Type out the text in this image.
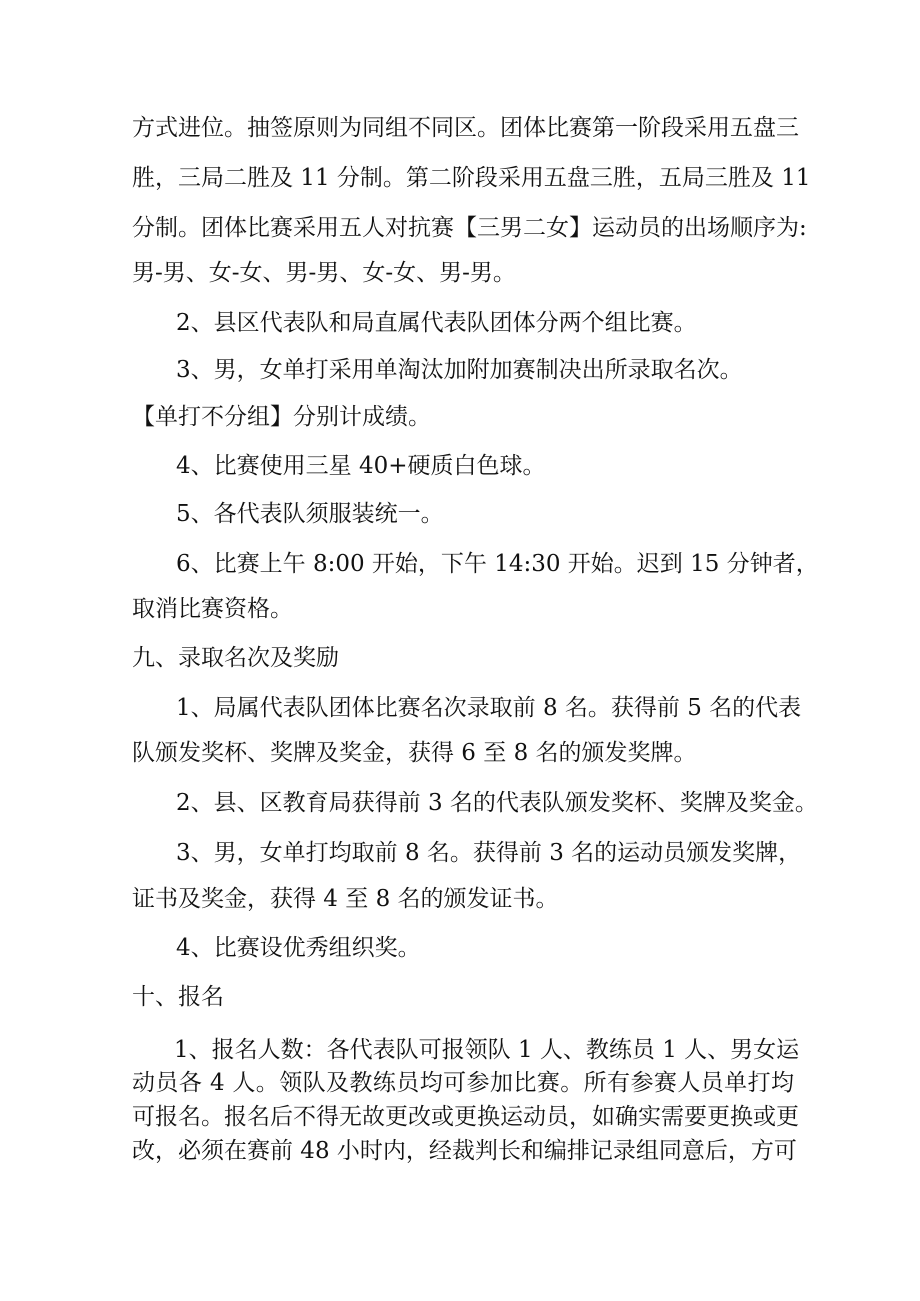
方式进位。抽签原则为同组不同区。团体比赛第一阶段采用五盘三
胜，三局二胜及 11 分制。第二阶段采用五盘三胜，五局三胜及 11
分制。团体比赛采用五人对抗赛【三男二女】运动员的出场顺序为:
男-男、女-女、男-男、女-女、男-男。
2、县区代表队和局直属代表队团体分两个组比赛。
3、男，女单打采用单淘汰加附加赛制决出所录取名次。
【单打不分组】分别计成绩。
4、比赛使用三星 40+硬质白色球。
5、各代表队须服装统一。
6、比赛上午 8:00 开始，下午 14:30 开始。迟到 15 分钟者，
取消比赛资格。
九、录取名次及奖励
1、局属代表队团体比赛名次录取前 8 名。获得前 5 名的代表
队颁发奖杯、奖牌及奖金，获得 6 至 8 名的颁发奖牌。
2、县、区教育局获得前 3 名的代表队颁发奖杯、奖牌及奖金。
3、男，女单打均取前 8 名。获得前 3 名的运动员颁发奖牌，
证书及奖金，获得 4 至 8 名的颁发证书。
4、比赛设优秀组织奖。
十、报名
1、报名人数：各代表队可报领队 1 人、教练员 1 人、男女运
动员各 4 人。领队及教练员均可参加比赛。所有参赛人员单打均
可报名。报名后不得无故更改或更换运动员，如确实需要更换或更
改，必须在赛前 48 小时内，经裁判长和编排记录组同意后，方可
